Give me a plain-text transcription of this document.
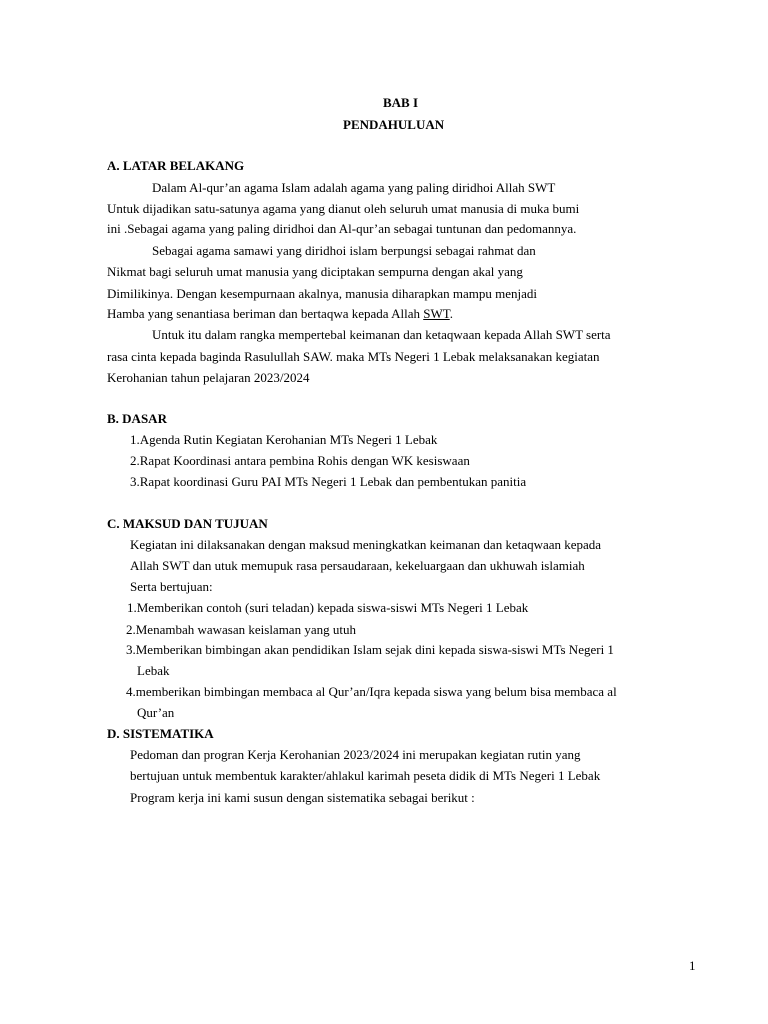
BAB I
PENDAHULUAN
A. LATAR BELAKANG
Dalam Al-qur’an agama Islam adalah agama yang paling diridhoi Allah SWT
Untuk dijadikan satu-satunya agama yang dianut oleh seluruh umat manusia di muka bumi
ini .Sebagai agama yang paling diridhoi dan Al-qur’an sebagai tuntunan dan pedomannya.
Sebagai agama samawi yang diridhoi islam berpungsi sebagai rahmat dan
Nikmat bagi seluruh umat manusia yang diciptakan sempurna dengan akal yang
Dimilikinya. Dengan kesempurnaan akalnya, manusia diharapkan mampu menjadi
Hamba yang senantiasa beriman dan bertaqwa kepada Allah SWT.
Untuk itu dalam rangka mempertebal keimanan dan ketaqwaan kepada Allah SWT serta
rasa cinta kepada baginda Rasulullah SAW. maka MTs Negeri 1 Lebak melaksanakan kegiatan
Kerohanian tahun pelajaran 2023/2024
B. DASAR
1.Agenda Rutin Kegiatan Kerohanian MTs Negeri 1 Lebak
2.Rapat Koordinasi antara pembina Rohis dengan WK kesiswaan
3.Rapat koordinasi Guru PAI MTs Negeri 1 Lebak dan pembentukan panitia
C. MAKSUD DAN TUJUAN
Kegiatan ini dilaksanakan dengan maksud meningkatkan keimanan dan ketaqwaan kepada
Allah SWT dan utuk memupuk rasa persaudaraan, kekeluargaan dan ukhuwah islamiah
Serta bertujuan:
1.Memberikan contoh (suri teladan) kepada siswa-siswi MTs Negeri 1 Lebak
2.Menambah wawasan keislaman yang utuh
3.Memberikan bimbingan akan pendidikan Islam sejak dini kepada siswa-siswi MTs Negeri 1
Lebak
4.memberikan bimbingan membaca al Qur’an/Iqra kepada siswa yang belum bisa membaca al
Qur’an
D. SISTEMATIKA
Pedoman dan progran Kerja Kerohanian 2023/2024 ini merupakan kegiatan rutin yang
bertujuan untuk membentuk karakter/ahlakul karimah peseta didik di MTs Negeri 1 Lebak
Program kerja ini kami susun dengan sistematika sebagai berikut :
1
